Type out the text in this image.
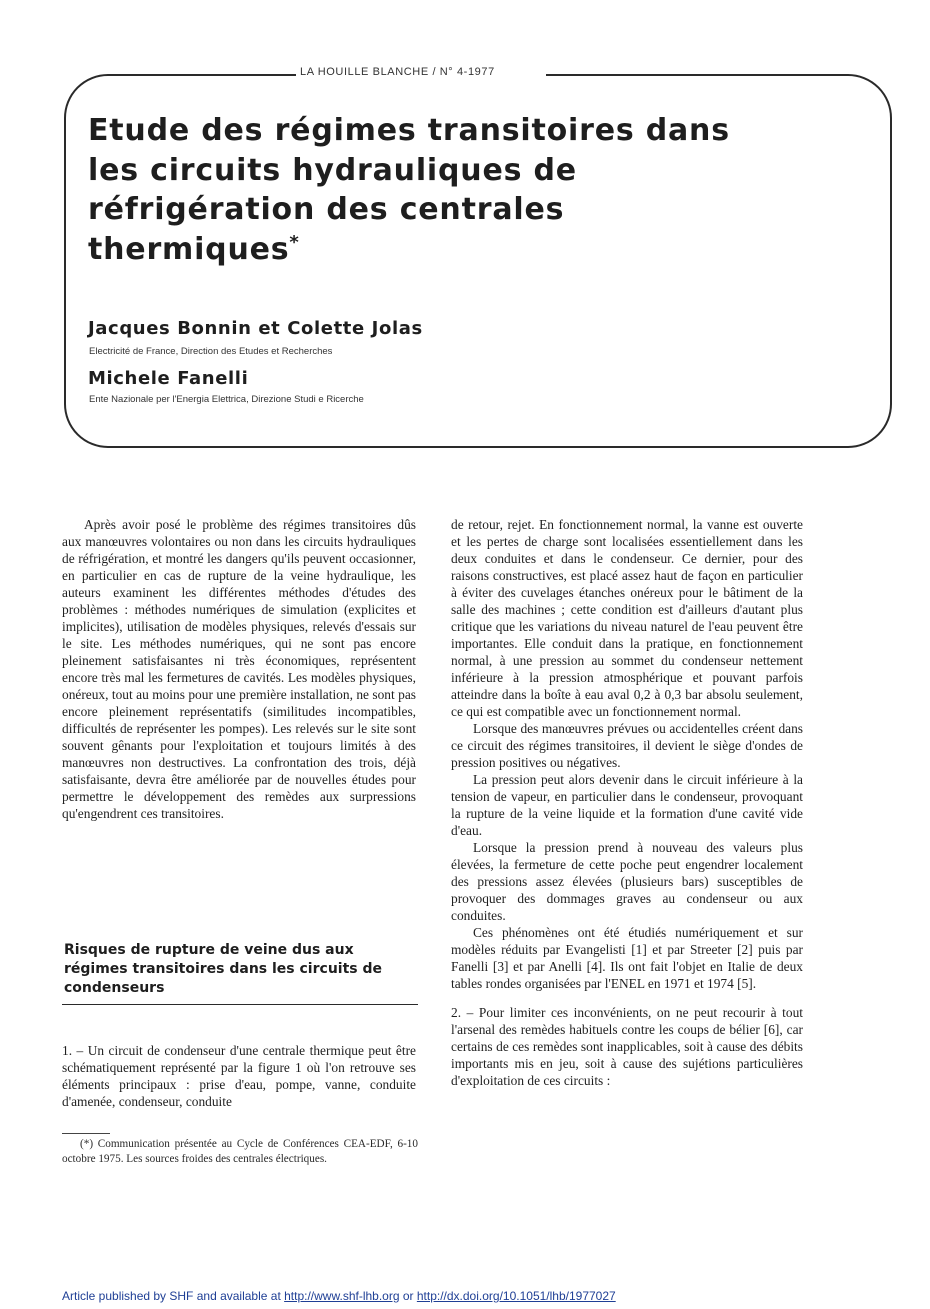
LA HOUILLE BLANCHE / N° 4-1977
Etude des régimes transitoires dans les circuits hydrauliques de réfrigération des centrales thermiques*
Jacques Bonnin et Colette Jolas
Electricité de France, Direction des Etudes et Recherches
Michele Fanelli
Ente Nazionale per l'Energia Elettrica, Direzione Studi e Ricerche

Après avoir posé le problème des régimes transitoires dûs aux manœuvres volontaires ou non dans les circuits hydrauliques de réfrigération, et montré les dangers qu'ils peuvent occasionner, en particulier en cas de rupture de la veine hydraulique, les auteurs examinent les différentes méthodes d'études des problèmes : méthodes numériques de simulation (explicites et implicites), utilisation de modèles physiques, relevés d'essais sur le site. Les méthodes numériques, qui ne sont pas encore pleinement satisfaisantes ni très économiques, représentent encore très mal les fermetures de cavités. Les modèles physiques, onéreux, tout au moins pour une première installation, ne sont pas encore pleinement représentatifs (similitudes incompatibles, difficultés de représenter les pompes). Les relevés sur le site sont souvent gênants pour l'exploitation et toujours limités à des manœuvres non destructives. La confrontation des trois, déjà satisfaisante, devra être améliorée par de nouvelles études pour permettre le développement des remèdes aux surpressions qu'engendrent ces transitoires.

Risques de rupture de veine dus aux régimes transitoires dans les circuits de condenseurs

1. – Un circuit de condenseur d'une centrale thermique peut être schématiquement représenté par la figure 1 où l'on retrouve ses éléments principaux : prise d'eau, pompe, vanne, conduite d'amenée, condenseur, conduite

(*) Communication présentée au Cycle de Conférences CEA-EDF, 6-10 octobre 1975. Les sources froides des centrales électriques.

de retour, rejet. En fonctionnement normal, la vanne est ouverte et les pertes de charge sont localisées essentiellement dans les deux conduites et dans le condenseur. Ce dernier, pour des raisons constructives, est placé assez haut de façon en particulier à éviter des cuvelages étanches onéreux pour le bâtiment de la salle des machines ; cette condition est d'ailleurs d'autant plus critique que les variations du niveau naturel de l'eau peuvent être importantes. Elle conduit dans la pratique, en fonctionnement normal, à une pression au sommet du condenseur nettement inférieure à la pression atmosphérique et pouvant parfois atteindre dans la boîte à eau aval 0,2 à 0,3 bar absolu seulement, ce qui est compatible avec un fonctionnement normal.

Lorsque des manœuvres prévues ou accidentelles créent dans ce circuit des régimes transitoires, il devient le siège d'ondes de pression positives ou négatives.

La pression peut alors devenir dans le circuit inférieure à la tension de vapeur, en particulier dans le condenseur, provoquant la rupture de la veine liquide et la formation d'une cavité vide d'eau.

Lorsque la pression prend à nouveau des valeurs plus élevées, la fermeture de cette poche peut engendrer localement des pressions assez élevées (plusieurs bars) susceptibles de provoquer des dommages graves au condenseur ou aux conduites.

Ces phénomènes ont été étudiés numériquement et sur modèles réduits par Evangelisti [1] et par Streeter [2] puis par Fanelli [3] et par Anelli [4]. Ils ont fait l'objet en Italie de deux tables rondes organisées par l'ENEL en 1971 et 1974 [5].

2. – Pour limiter ces inconvénients, on ne peut recourir à tout l'arsenal des remèdes habituels contre les coups de bélier [6], car certains de ces remèdes sont inapplicables, soit à cause des débits importants mis en jeu, soit à cause des sujétions particulières d'exploitation de ces circuits :

Article published by SHF and available at http://www.shf-lhb.org or http://dx.doi.org/10.1051/lhb/1977027
